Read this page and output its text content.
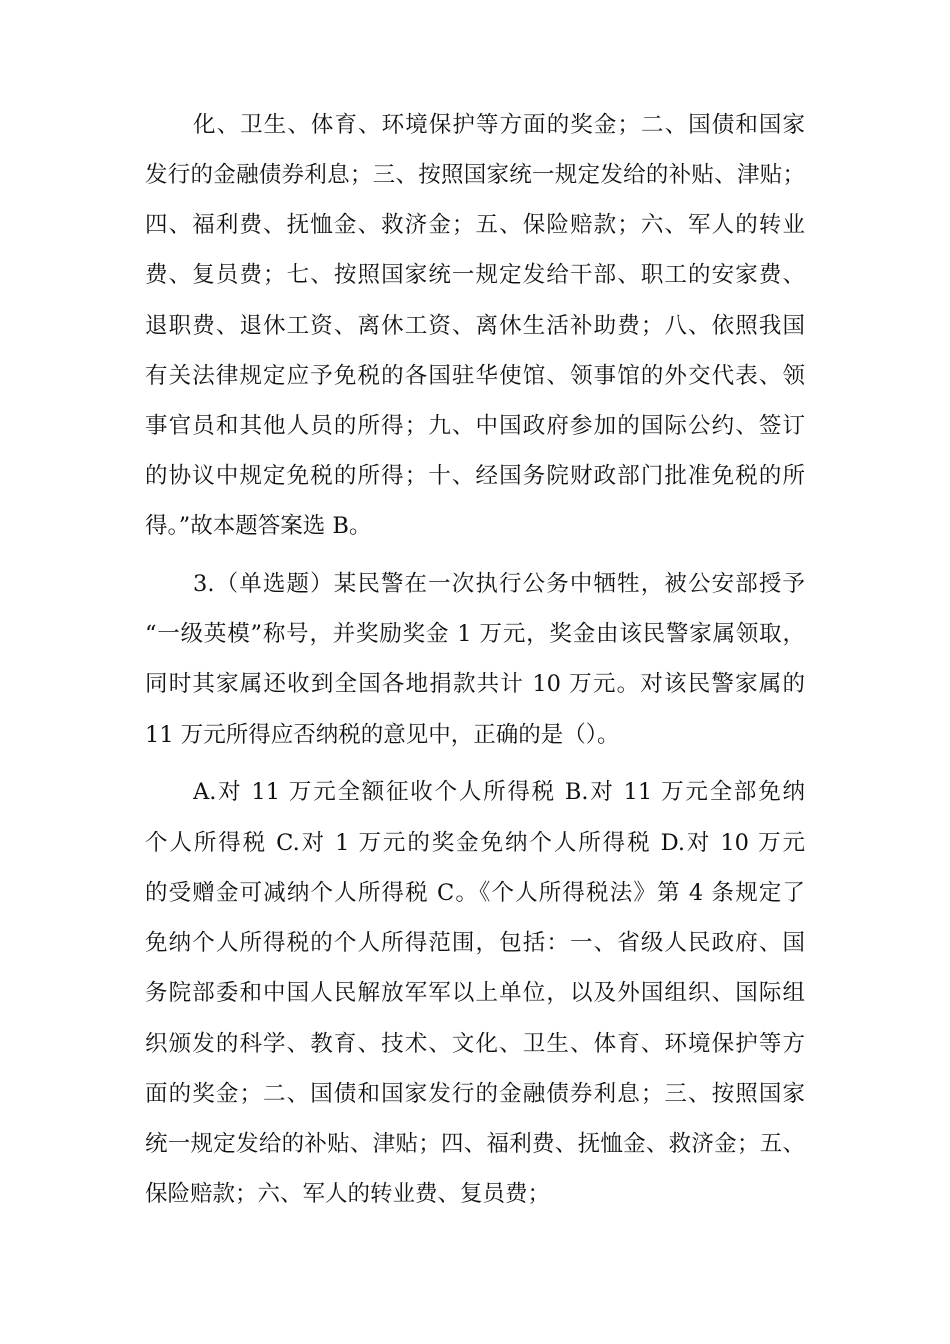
化、卫生、体育、环境保护等方面的奖金；二、国债和国家
发行的金融债券利息；三、按照国家统一规定发给的补贴、津贴；
四、福利费、抚恤金、救济金；五、保险赔款；六、军人的转业
费、复员费；七、按照国家统一规定发给干部、职工的安家费、
退职费、退休工资、离休工资、离休生活补助费；八、依照我国
有关法律规定应予免税的各国驻华使馆、领事馆的外交代表、领
事官员和其他人员的所得；九、中国政府参加的国际公约、签订
的协议中规定免税的所得；十、经国务院财政部门批准免税的所
得。”故本题答案选 B。
3.（单选题）某民警在一次执行公务中牺牲，被公安部授予
“一级英模”称号，并奖励奖金 1 万元，奖金由该民警家属领取，
同时其家属还收到全国各地捐款共计 10 万元。对该民警家属的
11 万元所得应否纳税的意见中，正确的是（）。
A.对 11 万元全额征收个人所得税 B.对 11 万元全部免纳
个人所得税 C.对 1 万元的奖金免纳个人所得税 D.对 10 万元
的受赠金可减纳个人所得税 C。《个人所得税法》第 4 条规定了
免纳个人所得税的个人所得范围，包括：一、省级人民政府、国
务院部委和中国人民解放军军以上单位，以及外国组织、国际组
织颁发的科学、教育、技术、文化、卫生、体育、环境保护等方
面的奖金；二、国债和国家发行的金融债券利息；三、按照国家
统一规定发给的补贴、津贴；四、福利费、抚恤金、救济金；五、
保险赔款；六、军人的转业费、复员费；
